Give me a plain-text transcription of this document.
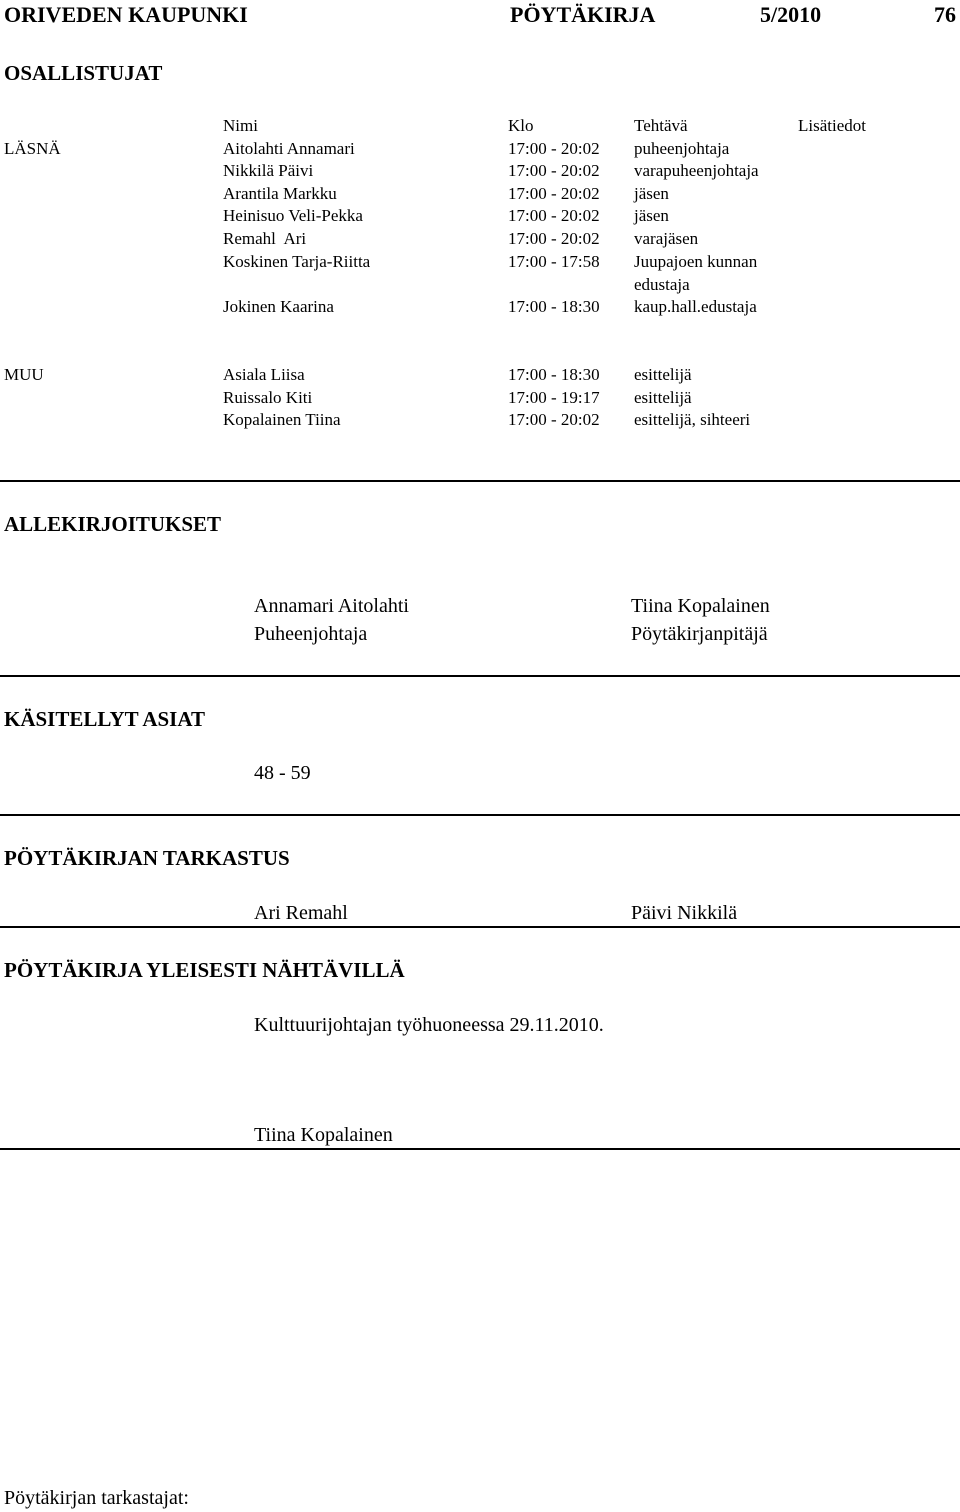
ORIVEDEN KAUPUNKI	PÖYTÄKIRJA	5/2010	76
OSALLISTUJAT
Nimi	Klo	Tehtävä	Lisätiedot
LÄSNÄ	Aitolahti Annamari	17:00 - 20:02 puheenjohtaja
Nikkilä Päivi	17:00 - 20:02 varapuheenjohtaja
Arantila Markku	17:00 - 20:02 jäsen
Heinisuo Veli-Pekka	17:00 - 20:02 jäsen
Remahl  Ari	17:00 - 20:02 varajäsen
Koskinen Tarja-Riitta	17:00 - 17:58 Juupajoen kunnan
edustaja
Jokinen Kaarina	17:00 - 18:30 kaup.hall.edustaja
MUU	Asiala Liisa	17:00 - 18:30 esittelijä
Ruissalo Kiti	17:00 - 19:17 esittelijä
Kopalainen Tiina	17:00 - 20:02 esittelijä, sihteeri
ALLEKIRJOITUKSET
Annamari Aitolahti
Puheenjohtaja
Tiina Kopalainen
Pöytäkirjanpitäjä
KÄSITELLYT ASIAT
48 - 59
PÖYTÄKIRJAN TARKASTUS
Ari Remahl	Päivi Nikkilä
PÖYTÄKIRJA YLEISESTI NÄHTÄVILLÄ
Kulttuurijohtajan työhuoneessa 29.11.2010.
Tiina Kopalainen
Pöytäkirjan tarkastajat:
